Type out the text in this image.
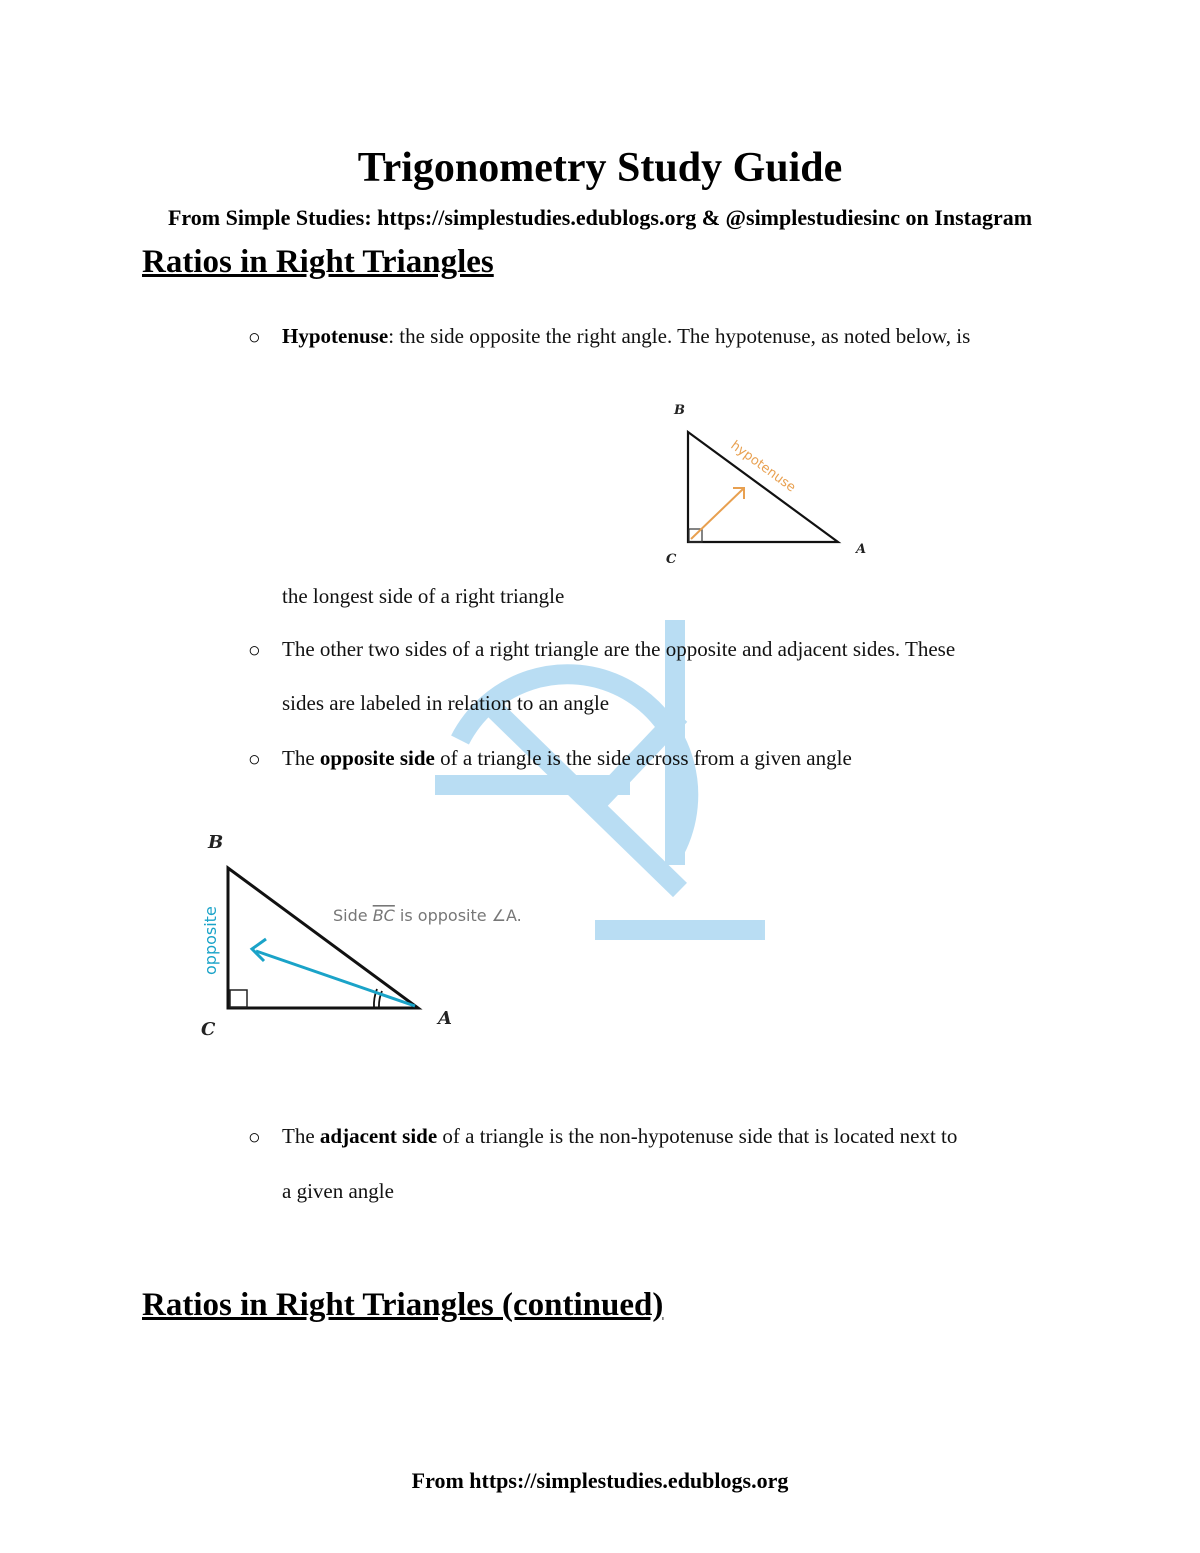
Trigonometry Study Guide
From Simple Studies: https://simplestudies.edublogs.org & @simplestudiesinc on Instagram
Ratios in Right Triangles
○ Hypotenuse: the side opposite the right angle. The hypotenuse, as noted below, is
B
C
A
hypotenuse
the longest side of a right triangle
○ The other two sides of a right triangle are the opposite and adjacent sides. These
sides are labeled in relation to an angle
○ The opposite side of a triangle is the side across from a given angle
B
C
A
opposite	Side BC is opposite ∠A.
○ The adjacent side of a triangle is the non-hypotenuse side that is located next to
a given angle
Ratios in Right Triangles (continued)
From https://simplestudies.edublogs.org
